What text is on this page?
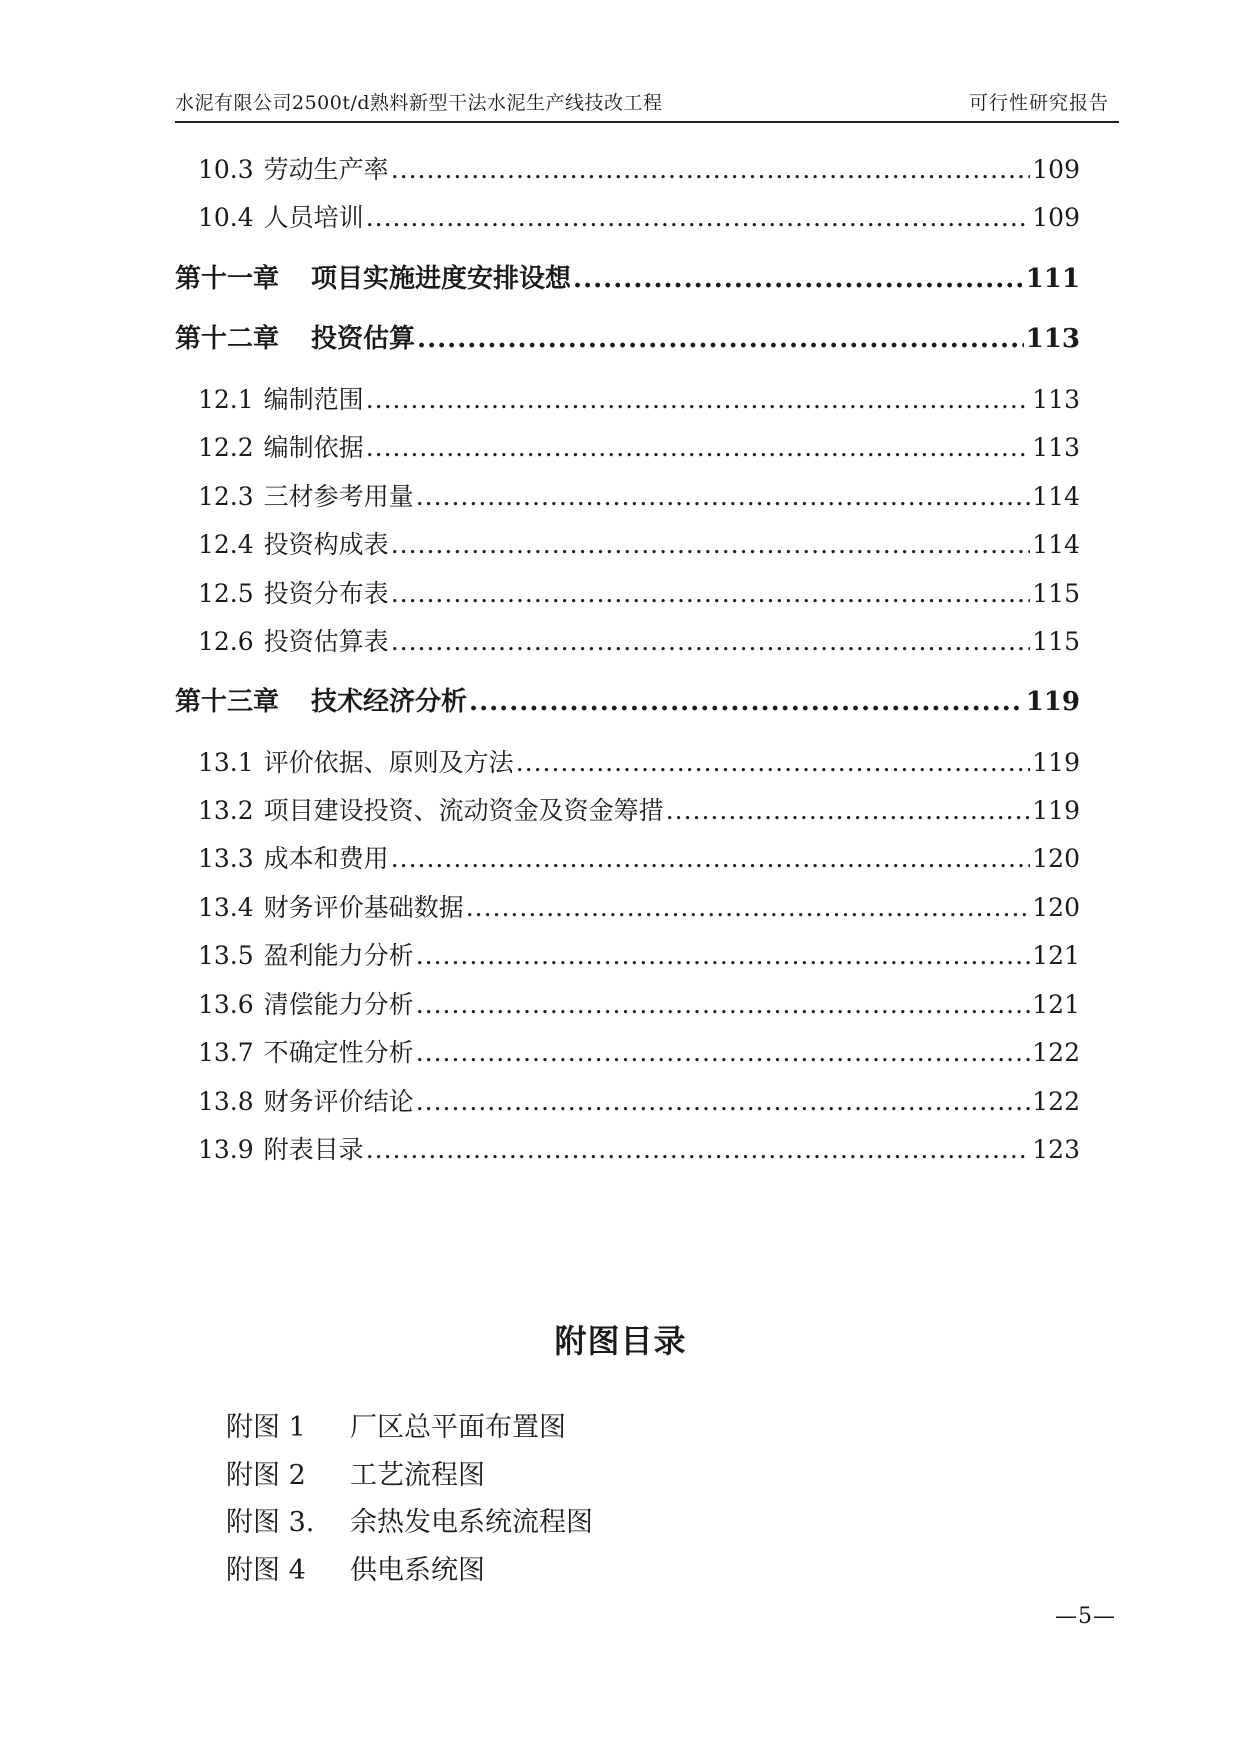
水泥有限公司2500t/d熟料新型干法水泥生产线技改工程	可行性研究报告
10.3 劳动生产率 .....	109
10.4 人员培训 .....	109
第十一章 项目实施进度安排设想 .....	111
第十二章 投资估算 .....	113
12.1 编制范围 .....	113
12.2 编制依据 .....	113
12.3 三材参考用量 .....	114
12.4 投资构成表 .....	114
12.5 投资分布表 .....	115
12.6 投资估算表 .....	115
第十三章 技术经济分析 .....	119
13.1 评价依据、原则及方法 .....	119
13.2 项目建设投资、流动资金及资金筹措 .....	119
13.3 成本和费用 .....	120
13.4 财务评价基础数据 .....	120
13.5 盈利能力分析 .....	121
13.6 清偿能力分析 .....	121
13.7 不确定性分析 .....	122
13.8 财务评价结论 .....	122
13.9 附表目录 .....	123
附图目录
附图 1 厂区总平面布置图
附图 2 工艺流程图
附图 3. 余热发电系统流程图
附图 4 供电系统图
—5—
